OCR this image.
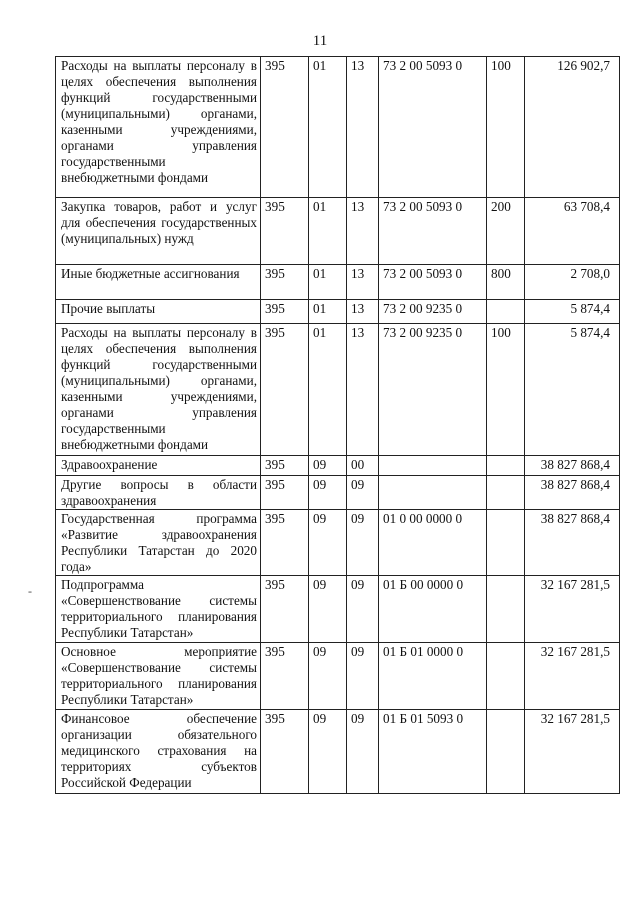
11
-
Расходы на выплаты персоналу в целях обеспечения выполнения функций государственными (муниципальными) органами, казенными учреждениями, органами управления государственными внебюджетными фондами	395	01	13	73 2 00 5093 0	100	126 902,7
Закупка товаров, работ и услуг для обеспечения государственных (муниципальных) нужд	395	01	13	73 2 00 5093 0	200	63 708,4
Иные бюджетные ассигнования	395	01	13	73 2 00 5093 0	800	2 708,0
Прочие выплаты	395	01	13	73 2 00 9235 0		5 874,4
Расходы на выплаты персоналу в целях обеспечения выполнения функций государственными (муниципальными) органами, казенными учреждениями, органами управления государственными внебюджетными фондами	395	01	13	73 2 00 9235 0	100	5 874,4
Здравоохранение	395	09	00			38 827 868,4
Другие вопросы в области здравоохранения	395	09	09			38 827 868,4
Государственная программа «Развитие здравоохранения Республики Татарстан до 2020 года»	395	09	09	01 0 00 0000 0		38 827 868,4
Подпрограмма «Совершенствование системы территориального планирования Республики Татарстан»	395	09	09	01 Б 00 0000 0		32 167 281,5
Основное мероприятие «Совершенствование системы территориального планирования Республики Татарстан»	395	09	09	01 Б 01 0000 0		32 167 281,5
Финансовое обеспечение организации обязательного медицинского страхования на территориях субъектов Российской Федерации	395	09	09	01 Б 01 5093 0		32 167 281,5
